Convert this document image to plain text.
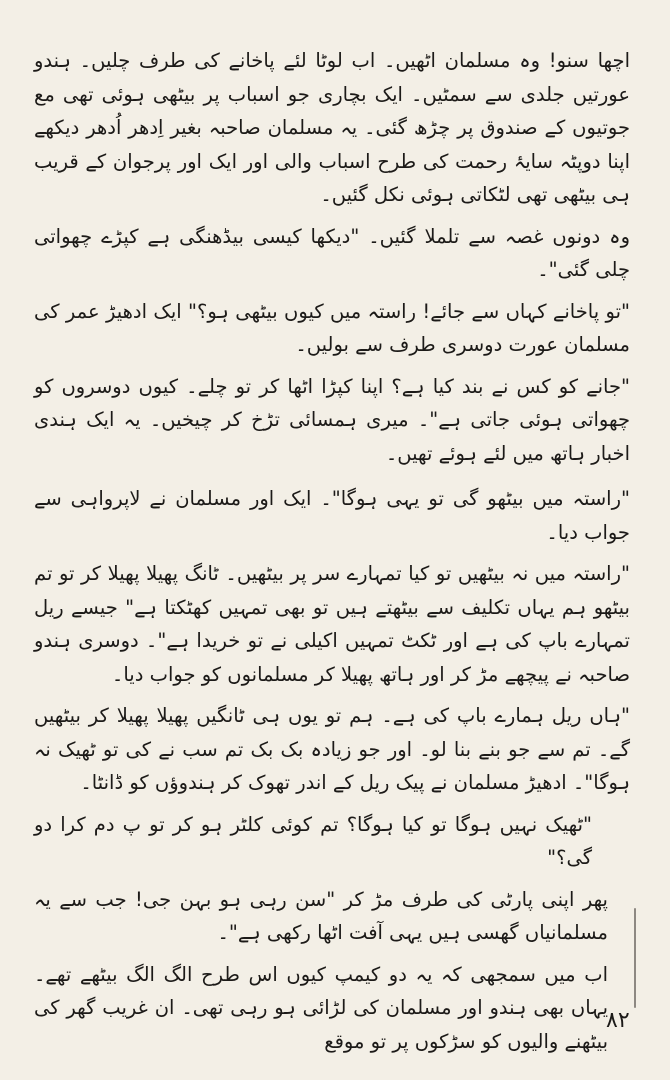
اچھا سنو! وہ مسلمان اٹھیں۔ اب لوٹا لئے پاخانے کی طرف چلیں۔ ہندو عورتیں جلدی سے سمٹیں۔ ایک بچاری جو اسباب پر بیٹھی ہوئی تھی مع جوتیوں کے صندوق پر چڑھ گئی۔ یہ مسلمان صاحبہ بغیر اِدھر اُدھر دیکھے اپنا دوپٹہ سایۂ رحمت کی طرح اسباب والی اور ایک اور پرجوان کے قریب ہی بیٹھی تھی لٹکاتی ہوئی نکل گئیں۔

وہ دونوں غصہ سے تلملا گئیں۔ "دیکھا کیسی بیڈھنگی ہے کپڑے چھواتی چلی گئی"۔

"تو پاخانے کہاں سے جائے! راستہ میں کیوں بیٹھی ہو؟" ایک ادھیڑ عمر کی مسلمان عورت دوسری طرف سے بولیں۔

"جانے کو کس نے بند کیا ہے؟ اپنا کپڑا اٹھا کر تو چلے۔ کیوں دوسروں کو چھواتی ہوئی جاتی ہے"۔ میری ہمسائی تڑخ کر چیخیں۔ یہ ایک ہندی اخبار ہاتھ میں لئے ہوئے تھیں۔

"راستہ میں بیٹھو گی تو یہی ہوگا"۔ ایک اور مسلمان نے لاپرواہی سے جواب دیا۔

"راستہ میں نہ بیٹھیں تو کیا تمہارے سر پر بیٹھیں۔ ٹانگ پھیلا پھیلا کر تو تم بیٹھو ہم یہاں تکلیف سے بیٹھتے ہیں تو بھی تمہیں کھٹکتا ہے" جیسے ریل تمہارے باپ کی ہے اور ٹکٹ تمہیں اکیلی نے تو خریدا ہے"۔ دوسری ہندو صاحبہ نے پیچھے مڑ کر اور ہاتھ پھیلا کر مسلمانوں کو جواب دیا۔

"ہاں ریل ہمارے باپ کی ہے۔ ہم تو یوں ہی ٹانگیں پھیلا پھیلا کر بیٹھیں گے۔ تم سے جو بنے بنا لو۔ اور جو زیادہ بک بک تم سب نے کی تو ٹھیک نہ ہوگا"۔ ادھیڑ مسلمان نے پیک ریل کے اندر تھوک کر ہندوؤں کو ڈانٹا۔

"ٹھیک نہیں ہوگا تو کیا ہوگا؟ تم کوئی کلٹر ہو کر تو پ دم کرا دو گی؟"

پھر اپنی پارٹی کی طرف مڑ کر "سن رہی ہو بہن جی! جب سے یہ مسلمانیاں گھسی ہیں یہی آفت اٹھا رکھی ہے"۔

اب میں سمجھی کہ یہ دو کیمپ کیوں اس طرح الگ الگ بیٹھے تھے۔ یہاں بھی ہندو اور مسلمان کی لڑائی ہو رہی تھی۔ ان غریب گھر کی بیٹھنے والیوں کو سڑکوں پر تو موقع

۸۲
